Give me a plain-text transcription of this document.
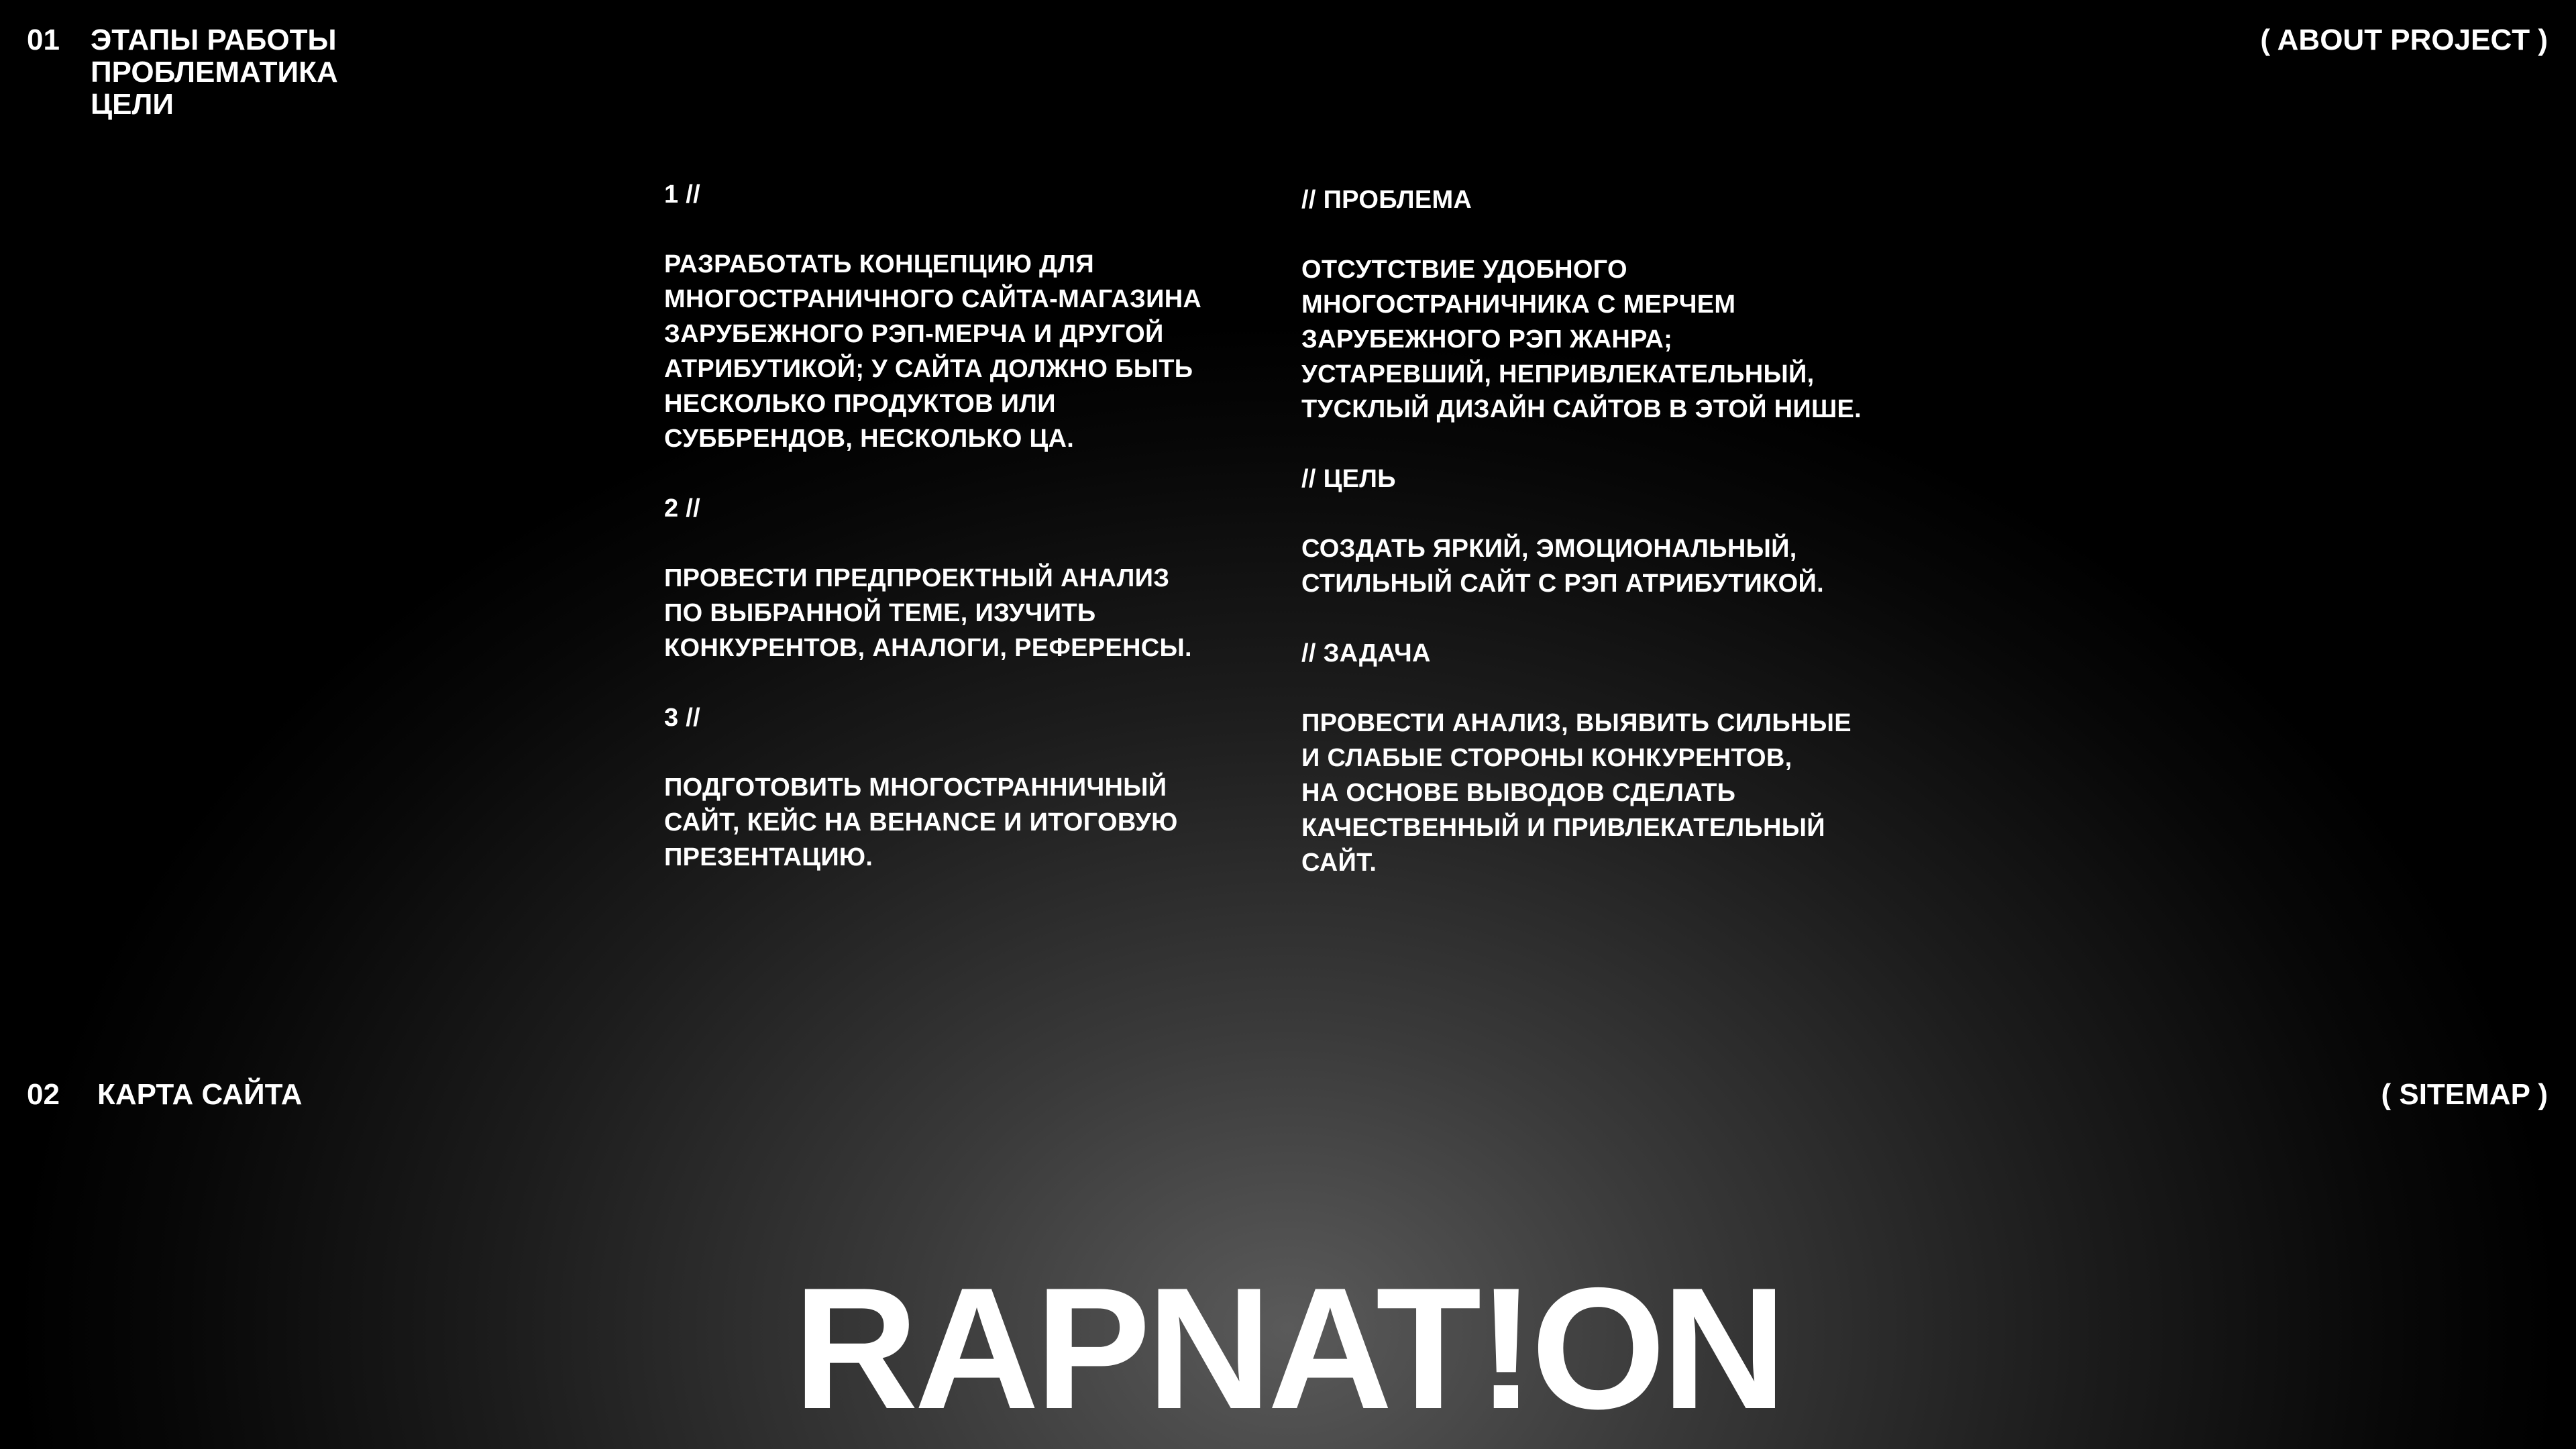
01 ЭТАПЫ РАБОТЫ
ПРОБЛЕМАТИКА
ЦЕЛИ
( ABOUT PROJECT )
1 //
РАЗРАБОТАТЬ КОНЦЕПЦИЮ ДЛЯ
МНОГОСТРАНИЧНОГО САЙТА-МАГАЗИНА
ЗАРУБЕЖНОГО РЭП-МЕРЧА И ДРУГОЙ
АТРИБУТИКОЙ; У САЙТА ДОЛЖНО БЫТЬ
НЕСКОЛЬКО ПРОДУКТОВ ИЛИ
СУББРЕНДОВ, НЕСКОЛЬКО ЦА.
2 //
ПРОВЕСТИ ПРЕДПРОЕКТНЫЙ АНАЛИЗ
ПО ВЫБРАННОЙ ТЕМЕ, ИЗУЧИТЬ
КОНКУРЕНТОВ, АНАЛОГИ, РЕФЕРЕНСЫ.
3 //
ПОДГОТОВИТЬ МНОГОСТРАННИЧНЫЙ
САЙТ, КЕЙС НА BEHANCE И ИТОГОВУЮ
ПРЕЗЕНТАЦИЮ.
// ПРОБЛЕМА
ОТСУТСТВИЕ УДОБНОГО
МНОГОСТРАНИЧНИКА С МЕРЧЕМ
ЗАРУБЕЖНОГО РЭП ЖАНРА;
УСТАРЕВШИЙ, НЕПРИВЛЕКАТЕЛЬНЫЙ,
ТУСКЛЫЙ ДИЗАЙН САЙТОВ В ЭТОЙ НИШЕ.
// ЦЕЛЬ
СОЗДАТЬ ЯРКИЙ, ЭМОЦИОНАЛЬНЫЙ,
СТИЛЬНЫЙ САЙТ С РЭП АТРИБУТИКОЙ.
// ЗАДАЧА
ПРОВЕСТИ АНАЛИЗ, ВЫЯВИТЬ СИЛЬНЫЕ
И СЛАБЫЕ СТОРОНЫ КОНКУРЕНТОВ,
НА ОСНОВЕ ВЫВОДОВ СДЕЛАТЬ
КАЧЕСТВЕННЫЙ И ПРИВЛЕКАТЕЛЬНЫЙ
САЙТ.
02 КАРТА САЙТА	( SITEMAP )
RAPNAT!ON
